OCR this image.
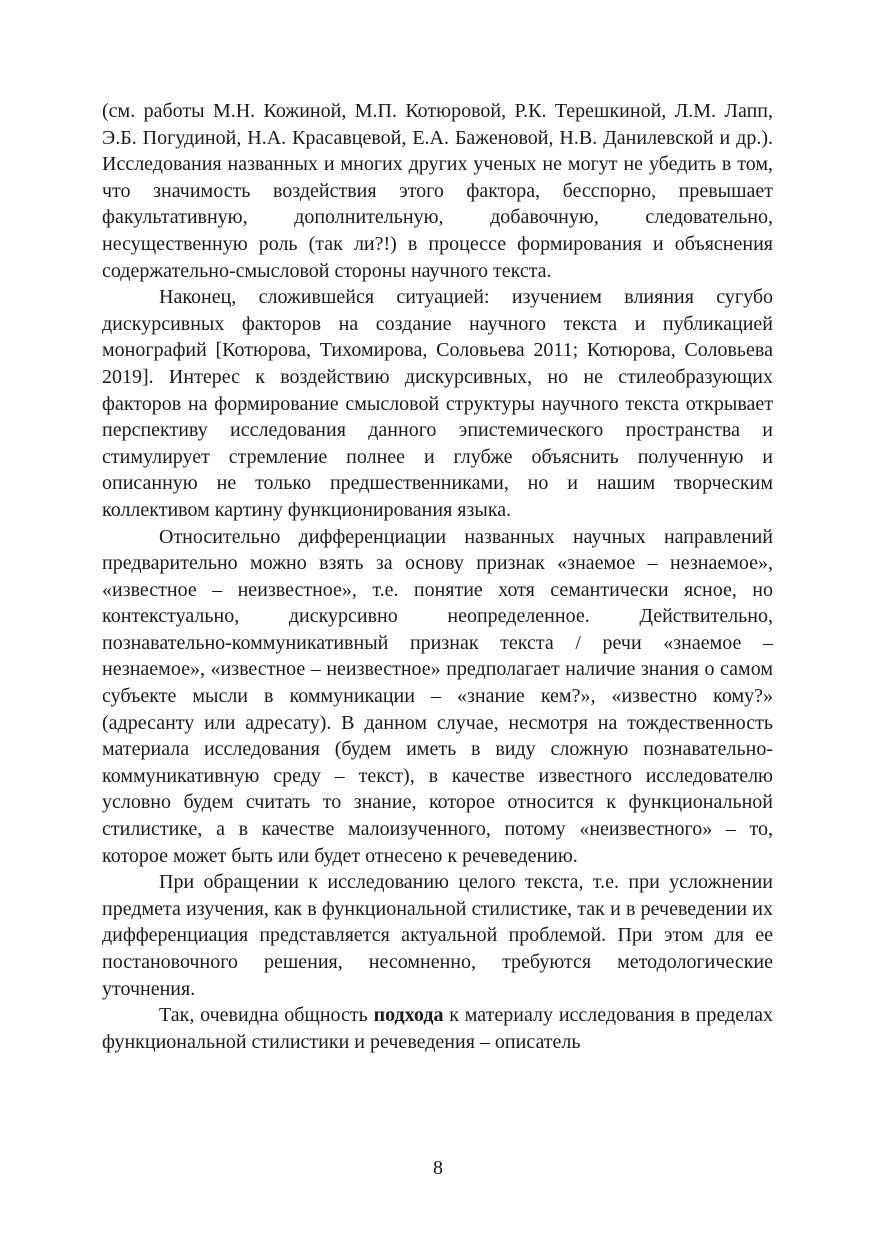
(см. работы М.Н. Кожиной, М.П. Котюровой, Р.К. Терешкиной, Л.М. Лапп, Э.Б. Погудиной, Н.А. Красавцевой, Е.А. Баженовой, Н.В. Данилевской и др.). Исследования названных и многих других ученых не могут не убедить в том, что значимость воздействия этого фактора, бесспорно, превышает факультативную, дополнительную, добавочную, следовательно, несущественную роль (так ли?!) в процессе формирования и объяснения содержательно-смысловой стороны научного текста.

Наконец, сложившейся ситуацией: изучением влияния сугубо дискурсивных факторов на создание научного текста и публикацией монографий [Котюрова, Тихомирова, Соловьева 2011; Котюрова, Соловьева 2019]. Интерес к воздействию дискурсивных, но не стилеобразующих факторов на формирование смысловой структуры научного текста открывает перспективу исследования данного эпистемического пространства и стимулирует стремление полнее и глубже объяснить полученную и описанную не только предшественниками, но и нашим творческим коллективом картину функционирования языка.

Относительно дифференциации названных научных направлений предварительно можно взять за основу признак «знаемое – незнаемое», «известное – неизвестное», т.е. понятие хотя семантически ясное, но контекстуально, дискурсивно неопределенное. Действительно, познавательно-коммуникативный признак текста / речи «знаемое – незнаемое», «известное – неизвестное» предполагает наличие знания о самом субъекте мысли в коммуникации – «знание кем?», «известно кому?» (адресанту или адресату). В данном случае, несмотря на тождественность материала исследования (будем иметь в виду сложную познавательно-коммуникативную среду – текст), в качестве известного исследователю условно будем считать то знание, которое относится к функциональной стилистике, а в качестве малоизученного, потому «неизвестного» – то, которое может быть или будет отнесено к речеведению.

При обращении к исследованию целого текста, т.е. при усложнении предмета изучения, как в функциональной стилистике, так и в речеведении их дифференциация представляется актуальной проблемой. При этом для ее постановочного решения, несомненно, требуются методологические уточнения.

Так, очевидна общность подхода к материалу исследования в пределах функциональной стилистики и речеведения – описатель

8
